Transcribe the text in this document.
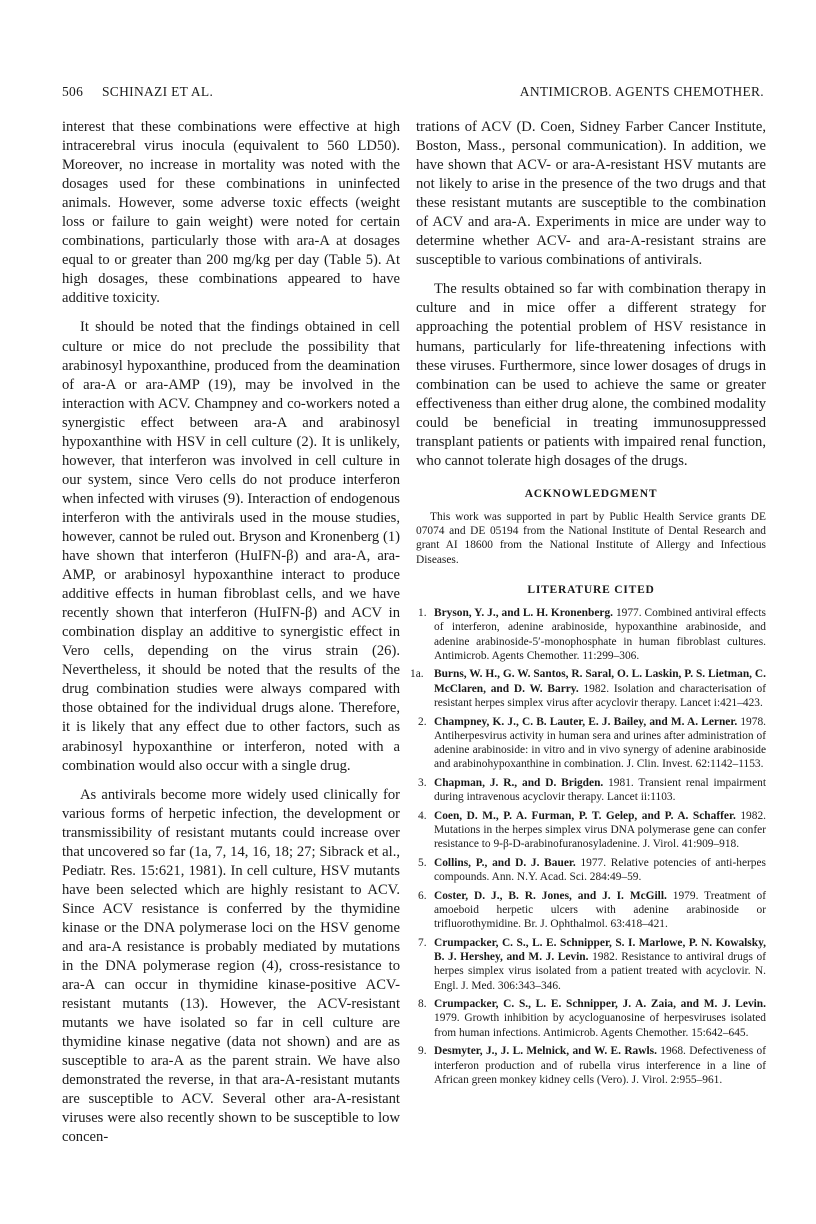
506 SCHINAZI ET AL.	ANTIMICROB. AGENTS CHEMOTHER.

interest that these combinations were effective at high intracerebral virus inocula (equivalent to 560 LD50). Moreover, no increase in mortality was noted with the dosages used for these combinations in uninfected animals. However, some adverse toxic effects (weight loss or failure to gain weight) were noted for certain combinations, particularly those with ara-A at dosages equal to or greater than 200 mg/kg per day (Table 5). At high dosages, these combinations appeared to have additive toxicity.

It should be noted that the findings obtained in cell culture or mice do not preclude the possibility that arabinosyl hypoxanthine, produced from the deamination of ara-A or ara-AMP (19), may be involved in the interaction with ACV. Champney and co-workers noted a synergistic effect between ara-A and arabinosyl hypoxanthine with HSV in cell culture (2). It is unlikely, however, that interferon was involved in cell culture in our system, since Vero cells do not produce interferon when infected with viruses (9). Interaction of endogenous interferon with the antivirals used in the mouse studies, however, cannot be ruled out. Bryson and Kronenberg (1) have shown that interferon (HuIFN-β) and ara-A, ara-AMP, or arabinosyl hypoxanthine interact to produce additive effects in human fibroblast cells, and we have recently shown that interferon (HuIFN-β) and ACV in combination display an additive to synergistic effect in Vero cells, depending on the virus strain (26). Nevertheless, it should be noted that the results of the drug combination studies were always compared with those obtained for the individual drugs alone. Therefore, it is likely that any effect due to other factors, such as arabinosyl hypoxanthine or interferon, noted with a combination would also occur with a single drug.

As antivirals become more widely used clinically for various forms of herpetic infection, the development or transmissibility of resistant mutants could increase over that uncovered so far (1a, 7, 14, 16, 18; 27; Sibrack et al., Pediatr. Res. 15:621, 1981). In cell culture, HSV mutants have been selected which are highly resistant to ACV. Since ACV resistance is conferred by the thymidine kinase or the DNA polymerase loci on the HSV genome and ara-A resistance is probably mediated by mutations in the DNA polymerase region (4), cross-resistance to ara-A can occur in thymidine kinase-positive ACV-resistant mutants (13). However, the ACV-resistant mutants we have isolated so far in cell culture are thymidine kinase negative (data not shown) and are as susceptible to ara-A as the parent strain. We have also demonstrated the reverse, in that ara-A-resistant mutants are susceptible to ACV. Several other ara-A-resistant viruses were also recently shown to be susceptible to low concen-

trations of ACV (D. Coen, Sidney Farber Cancer Institute, Boston, Mass., personal communication). In addition, we have shown that ACV- or ara-A-resistant HSV mutants are not likely to arise in the presence of the two drugs and that these resistant mutants are susceptible to the combination of ACV and ara-A. Experiments in mice are under way to determine whether ACV- and ara-A-resistant strains are susceptible to various combinations of antivirals.

The results obtained so far with combination therapy in culture and in mice offer a different strategy for approaching the potential problem of HSV resistance in humans, particularly for life-threatening infections with these viruses. Furthermore, since lower dosages of drugs in combination can be used to achieve the same or greater effectiveness than either drug alone, the combined modality could be beneficial in treating immunosuppressed transplant patients or patients with impaired renal function, who cannot tolerate high dosages of the drugs.

ACKNOWLEDGMENT

This work was supported in part by Public Health Service grants DE 07074 and DE 05194 from the National Institute of Dental Research and grant AI 18600 from the National Institute of Allergy and Infectious Diseases.

LITERATURE CITED
1. Bryson, Y. J., and L. H. Kronenberg. 1977. Combined antiviral effects of interferon, adenine arabinoside, hypoxanthine arabinoside, and adenine arabinoside-5′-monophosphate in human fibroblast cultures. Antimicrob. Agents Chemother. 11:299–306.
1a. Burns, W. H., G. W. Santos, R. Saral, O. L. Laskin, P. S. Lietman, C. McClaren, and D. W. Barry. 1982. Isolation and characterisation of resistant herpes simplex virus after acyclovir therapy. Lancet i:421–423.
2. Champney, K. J., C. B. Lauter, E. J. Bailey, and M. A. Lerner. 1978. Antiherpesvirus activity in human sera and urines after administration of adenine arabinoside: in vitro and in vivo synergy of adenine arabinoside and arabinohypoxanthine in combination. J. Clin. Invest. 62:1142–1153.
3. Chapman, J. R., and D. Brigden. 1981. Transient renal impairment during intravenous acyclovir therapy. Lancet ii:1103.
4. Coen, D. M., P. A. Furman, P. T. Gelep, and P. A. Schaffer. 1982. Mutations in the herpes simplex virus DNA polymerase gene can confer resistance to 9-β-D-arabinofuranosyladenine. J. Virol. 41:909–918.
5. Collins, P., and D. J. Bauer. 1977. Relative potencies of anti-herpes compounds. Ann. N.Y. Acad. Sci. 284:49–59.
6. Coster, D. J., B. R. Jones, and J. I. McGill. 1979. Treatment of amoeboid herpetic ulcers with adenine arabinoside or trifluorothymidine. Br. J. Ophthalmol. 63:418–421.
7. Crumpacker, C. S., L. E. Schnipper, S. I. Marlowe, P. N. Kowalsky, B. J. Hershey, and M. J. Levin. 1982. Resistance to antiviral drugs of herpes simplex virus isolated from a patient treated with acyclovir. N. Engl. J. Med. 306:343–346.
8. Crumpacker, C. S., L. E. Schnipper, J. A. Zaia, and M. J. Levin. 1979. Growth inhibition by acycloguanosine of herpesviruses isolated from human infections. Antimicrob. Agents Chemother. 15:642–645.
9. Desmyter, J., J. L. Melnick, and W. E. Rawls. 1968. Defectiveness of interferon production and of rubella virus interference in a line of African green monkey kidney cells (Vero). J. Virol. 2:955–961.
